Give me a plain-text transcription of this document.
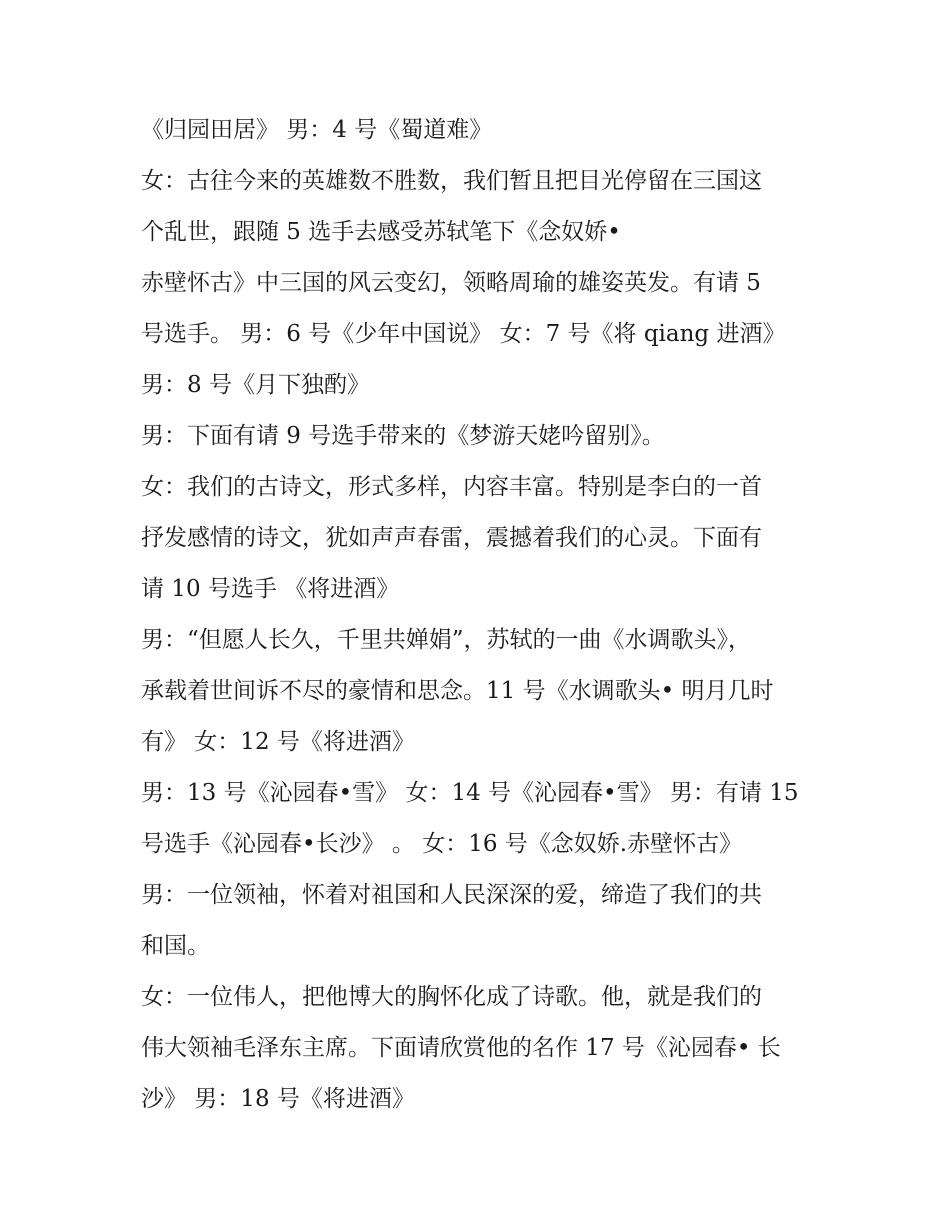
《归园田居》 男：4 号《蜀道难》
女：古往今来的英雄数不胜数，我们暂且把目光停留在三国这
个乱世，跟随 5 选手去感受苏轼笔下《念奴娇•
赤壁怀古》中三国的风云变幻，领略周瑜的雄姿英发。有请 5
号选手。 男：6 号《少年中国说》 女：7 号《将 qiang 进酒》
男：8 号《月下独酌》
男：下面有请 9 号选手带来的《梦游天姥吟留别》。
女：我们的古诗文，形式多样，内容丰富。特别是李白的一首
抒发感情的诗文，犹如声声春雷，震撼着我们的心灵。下面有
请 10 号选手 《将进酒》
男：“但愿人长久，千里共婵娟”，苏轼的一曲《水调歌头》，
承载着世间诉不尽的豪情和思念。11 号《水调歌头• 明月几时
有》 女：12 号《将进酒》
男：13 号《沁园春•雪》 女：14 号《沁园春•雪》 男：有请 15
号选手《沁园春•长沙》 。 女：16 号《念奴娇.赤壁怀古》
男：一位领袖，怀着对祖国和人民深深的爱，缔造了我们的共
和国。
女：一位伟人，把他博大的胸怀化成了诗歌。他，就是我们的
伟大领袖毛泽东主席。下面请欣赏他的名作 17 号《沁园春• 长
沙》 男：18 号《将进酒》
